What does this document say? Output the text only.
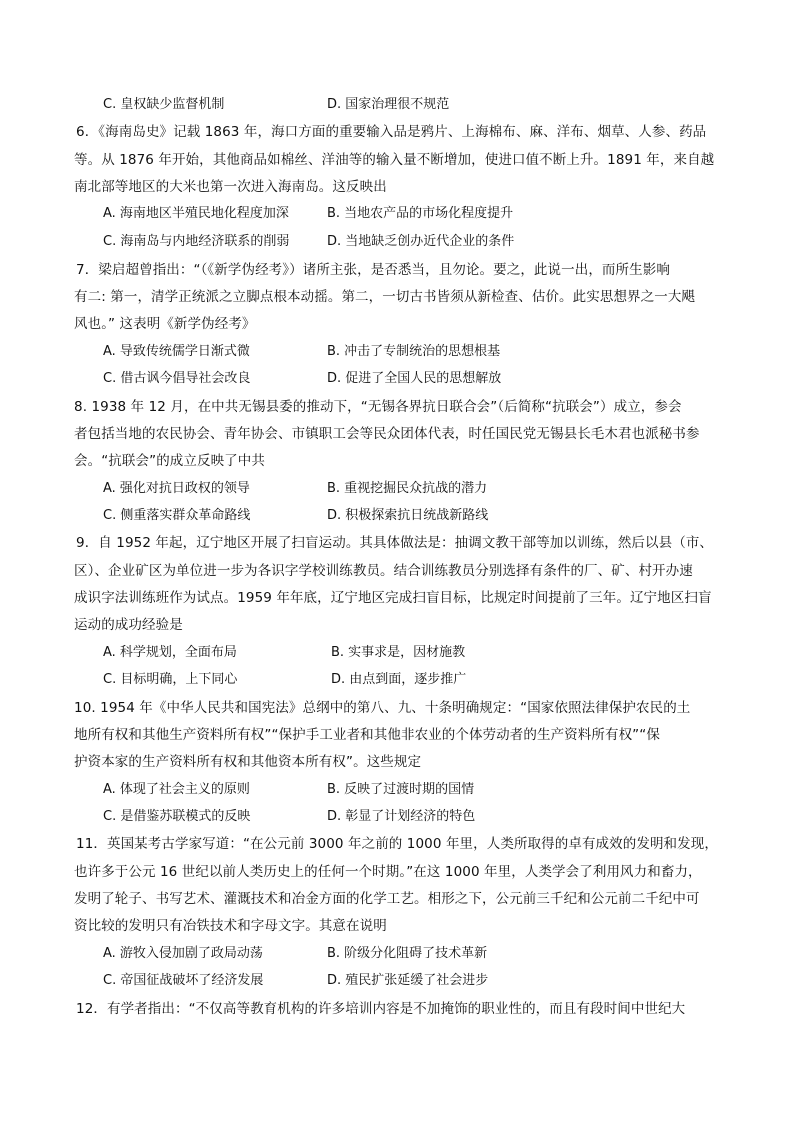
C. 皇权缺少监督机制	D. 国家治理很不规范
6．《海南岛史》记载 1863 年，海口方面的重要输入品是鸦片、上海棉布、麻、洋布、烟草、人参、药品
等。从 1876 年开始，其他商品如棉丝、洋油等的输入量不断增加，使进口值不断上升。1891 年，来自越
南北部等地区的大米也第一次进入海南岛。这反映出
A. 海南地区半殖民地化程度加深	B. 当地农产品的市场化程度提升
C. 海南岛与内地经济联系的削弱	D. 当地缺乏创办近代企业的条件
7．梁启超曾指出：“（《新学伪经考》）诸所主张，是否悉当，且勿论。要之，此说一出，而所生影响
有二: 第一，清学正统派之立脚点根本动摇。第二，一切古书皆须从新检查、估价。此实思想界之一大飓
风也。” 这表明《新学伪经考》
A. 导致传统儒学日渐式微	B. 冲击了专制统治的思想根基
C. 借古讽今倡导社会改良	D. 促进了全国人民的思想解放
8. 1938 年 12 月，在中共无锡县委的推动下，“无锡各界抗日联合会”（后简称“抗联会”）成立，参会
者包括当地的农民协会、青年协会、市镇职工会等民众团体代表，时任国民党无锡县长毛木君也派秘书参
会。“抗联会”的成立反映了中共
A. 强化对抗日政权的领导	B. 重视挖掘民众抗战的潜力
C. 侧重落实群众革命路线	D. 积极探索抗日统战新路线
9．自 1952 年起，辽宁地区开展了扫盲运动。其具体做法是：抽调文教干部等加以训练，然后以县（市、
区）、企业矿区为单位进一步为各识字学校训练教员。结合训练教员分别选择有条件的厂、矿、村开办速
成识字法训练班作为试点。1959 年年底，辽宁地区完成扫盲目标，比规定时间提前了三年。辽宁地区扫盲
运动的成功经验是
A. 科学规划，全面布局	B. 实事求是，因材施教
C. 目标明确，上下同心	D. 由点到面，逐步推广
10. 1954 年《中华人民共和国宪法》总纲中的第八、九、十条明确规定：“国家依照法律保护农民的土
地所有权和其他生产资料所有权”“保护手工业者和其他非农业的个体劳动者的生产资料所有权”“保
护资本家的生产资料所有权和其他资本所有权”。这些规定
A. 体现了社会主义的原则	B. 反映了过渡时期的国情
C. 是借鉴苏联模式的反映	D. 彰显了计划经济的特色
11．英国某考古学家写道：“在公元前 3000 年之前的 1000 年里，人类所取得的卓有成效的发明和发现，
也许多于公元 16 世纪以前人类历史上的任何一个时期。”在这 1000 年里，人类学会了利用风力和畜力，
发明了轮子、书写艺术、灌溉技术和冶金方面的化学工艺。相形之下，公元前三千纪和公元前二千纪中可
资比较的发明只有冶铁技术和字母文字。其意在说明
A. 游牧入侵加剧了政局动荡	B. 阶级分化阻碍了技术革新
C. 帝国征战破坏了经济发展	D. 殖民扩张延缓了社会进步
12．有学者指出：“不仅高等教育机构的许多培训内容是不加掩饰的职业性的，而且有段时间中世纪大
